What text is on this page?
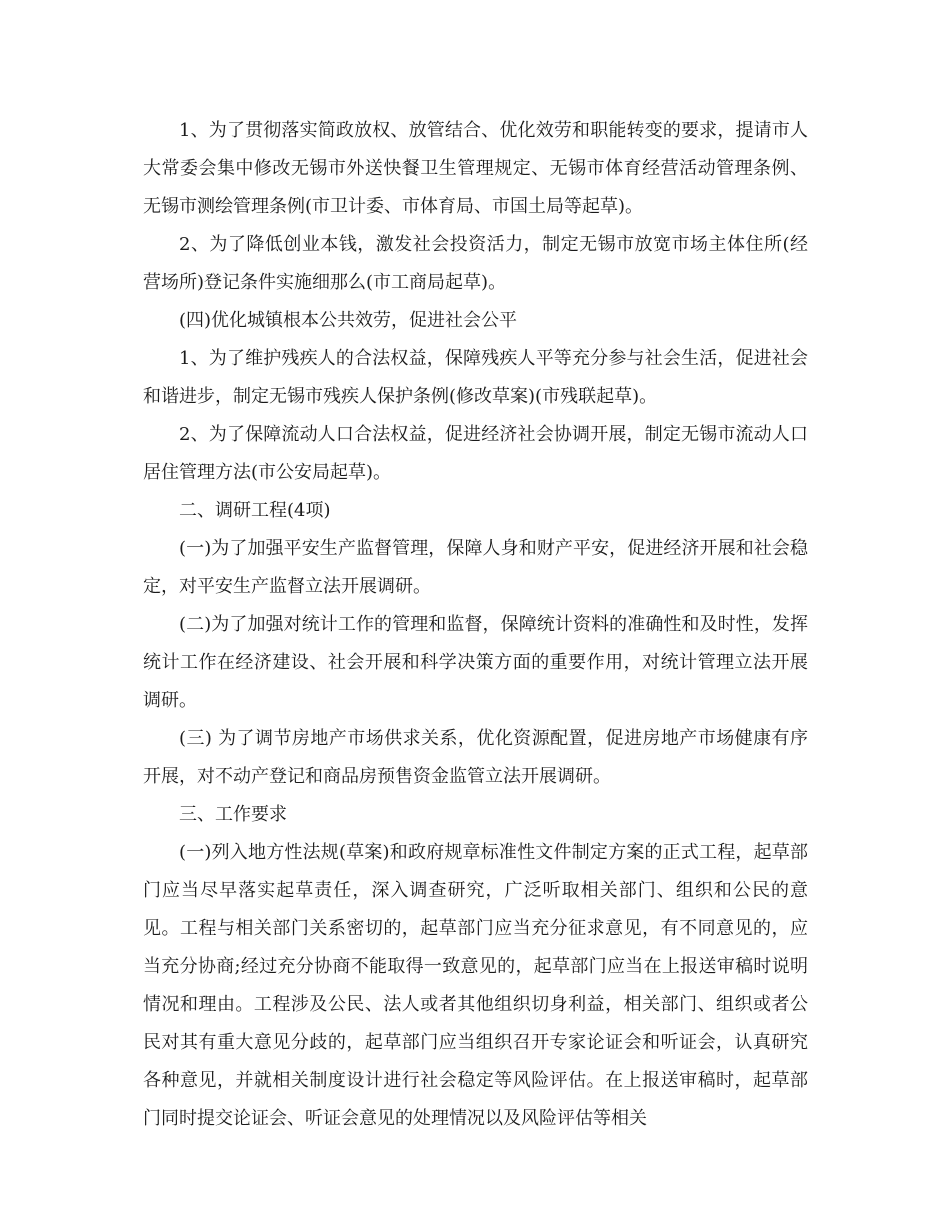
1、为了贯彻落实简政放权、放管结合、优化效劳和职能转变的要求，提请市人大常委会集中修改无锡市外送快餐卫生管理规定、无锡市体育经营活动管理条例、无锡市测绘管理条例(市卫计委、市体育局、市国土局等起草)。

2、为了降低创业本钱，激发社会投资活力，制定无锡市放宽市场主体住所(经营场所)登记条件实施细那么(市工商局起草)。

(四)优化城镇根本公共效劳，促进社会公平

1、为了维护残疾人的合法权益，保障残疾人平等充分参与社会生活，促进社会和谐进步，制定无锡市残疾人保护条例(修改草案)(市残联起草)。

2、为了保障流动人口合法权益，促进经济社会协调开展，制定无锡市流动人口居住管理方法(市公安局起草)。

二、调研工程(4项)

(一)为了加强平安生产监督管理，保障人身和财产平安，促进经济开展和社会稳定，对平安生产监督立法开展调研。

(二)为了加强对统计工作的管理和监督，保障统计资料的准确性和及时性，发挥统计工作在经济建设、社会开展和科学决策方面的重要作用，对统计管理立法开展调研。

(三) 为了调节房地产市场供求关系，优化资源配置，促进房地产市场健康有序开展，对不动产登记和商品房预售资金监管立法开展调研。

三、工作要求

(一)列入地方性法规(草案)和政府规章标准性文件制定方案的正式工程，起草部门应当尽早落实起草责任，深入调查研究，广泛听取相关部门、组织和公民的意见。工程与相关部门关系密切的，起草部门应当充分征求意见，有不同意见的，应当充分协商;经过充分协商不能取得一致意见的，起草部门应当在上报送审稿时说明情况和理由。工程涉及公民、法人或者其他组织切身利益，相关部门、组织或者公民对其有重大意见分歧的，起草部门应当组织召开专家论证会和听证会，认真研究各种意见，并就相关制度设计进行社会稳定等风险评估。在上报送审稿时，起草部门同时提交论证会、听证会意见的处理情况以及风险评估等相关
